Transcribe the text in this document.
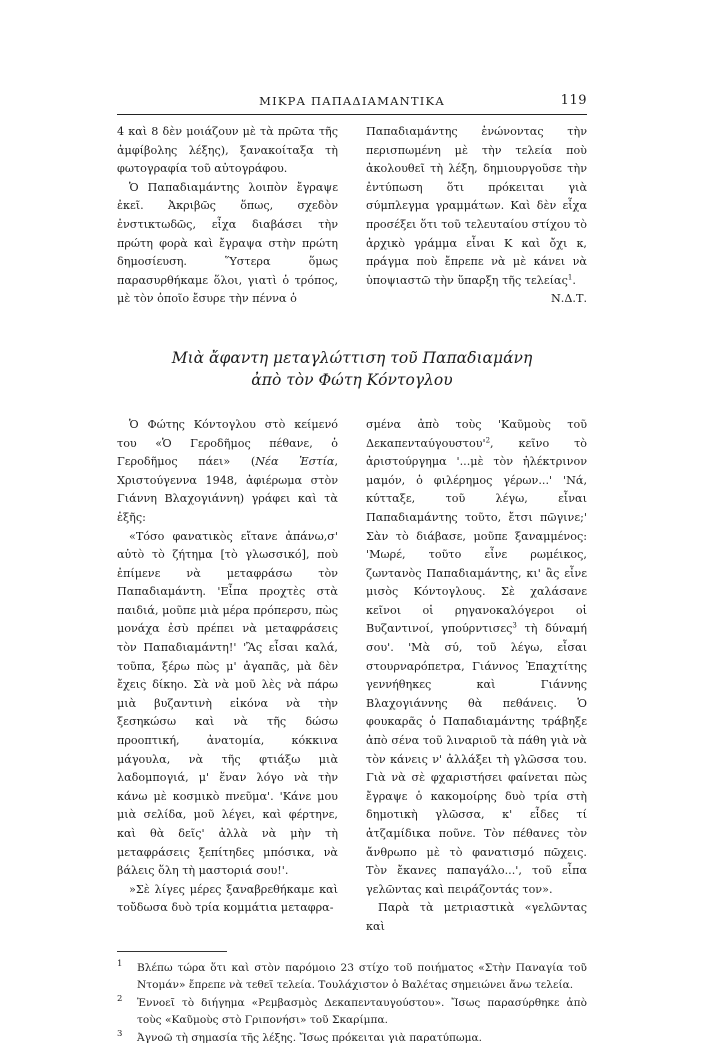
ΜΙΚΡΑ ΠΑΠΑΔΙΑΜΑΝΤΙΚΑ	119

4 καὶ 8 δὲν μοιάζουν μὲ τὰ πρῶτα τῆς ἀμφίβολης λέξης), ξανακοίταξα τὴ φωτογραφία τοῦ αὐτογράφου.

Ὁ Παπαδιαμάντης λοιπὸν ἔγραψε ἐκεῖ. Ἀκριβῶς ὅπως, σχεδὸν ἐνστικτωδῶς, εἶχα διαβάσει τὴν πρώτη φορὰ καὶ ἔγραψα στὴν πρώτη δημοσίευση. Ὕστερα ὅμως παρασυρθήκαμε ὅλοι, γιατὶ ὁ τρόπος, μὲ τὸν ὁποῖο ἔσυρε τὴν πέννα ὁ

Παπαδιαμάντης ἑνώνοντας τὴν περισπωμένη μὲ τὴν τελεία ποὺ ἀκολουθεῖ τὴ λέξη, δημιουργοῦσε τὴν ἐντύπωση ὅτι πρόκειται γιὰ σύμπλεγμα γραμμάτων. Καὶ δὲν εἶχα προσέξει ὅτι τοῦ τελευταίου στίχου τὸ ἀρχικὸ γράμμα εἶναι Κ καὶ ὄχι κ, πράγμα ποὺ ἔπρεπε νὰ μὲ κάνει νὰ ὑποψιαστῶ τὴν ὕπαρξη τῆς τελείας$^1$.

Ν.Δ.Τ.

Μιὰ ἄφαντη μεταγλώττιση τοῦ Παπαδιαμάνη
ἀπὸ τὸν Φώτη Κόντογλου

Ὁ Φώτης Κόντογλου στὸ κείμενό του «Ὁ Γεροδῆμος πέθανε, ὁ Γεροδῆμος πάει» (Νέα Ἑστία, Χριστούγεννα 1948, ἀφιέρωμα στὸν Γιάννη Βλαχογιάννη) γράφει καὶ τὰ ἑξῆς:

«Τόσο φανατικὸς εἴτανε ἀπάνω,σ' αὐτὸ τὸ ζήτημα [τὸ γλωσσικό], ποὺ ἐπίμενε νὰ μεταφράσω τὸν Παπαδιαμάντη. 'Εἶπα προχτὲς στὰ παιδιά, μοῦπε μιὰ μέρα πρόπερσυ, πὼς μονάχα ἐσὺ πρέπει νὰ μεταφράσεις τὸν Παπαδιαμάντη!' 'Ἂς εἶσαι καλά, τοῦπα, ξέρω πὼς μ' ἀγαπᾶς, μὰ δὲν ἔχεις δίκηο. Σὰ νὰ μοῦ λὲς νὰ πάρω μιὰ βυζαντινὴ εἰκόνα νὰ τὴν ξεσηκώσω καὶ νὰ τῆς δώσω προοπτική, ἀνατομία, κόκκινα μάγουλα, νὰ τῆς φτιάξω μιὰ λαδομπογιά, μ' ἕναν λόγο νὰ τὴν κάνω μὲ κοσμικὸ πνεῦμα'. 'Κάνε μου μιὰ σελίδα, μοῦ λέγει, καὶ φέρτηνε, καὶ θὰ δεῖς' ἀλλὰ νὰ μὴν τὴ μεταφράσεις ξεπίτηδες μπόσικα, νὰ βάλεις ὅλη τὴ μαστοριά σου!'.

»Σὲ λίγες μέρες ξαναβρεθήκαμε καὶ τοὔδωσα δυὸ τρία κομμάτια μεταφρα-

σμένα ἀπὸ τοὺς 'Καῦμοὺς τοῦ $\Delta\varepsilon\kappa\alpha\pi\varepsilon\nu\tau\alpha ύ\gamma o\upsilon\sigma\tau o\upsilon'^2$, κεῖνο τὸ ἀριστούργημα '...μὲ τὸν ἠλέκτρινον μαμόν, ὁ φιλέρημος γέρων...' 'Νά, κύτταξε, τοῦ λέγω, εἶναι Παπαδιαμάντης τοῦτο, ἔτσι πῶγινε;' Σὰν τὸ διάβασε, μοῦπε ξαναμμένος: 'Μωρέ, τοῦτο εἶνε ρωμέικος, ζωντανὸς Παπαδιαμάντης, κι' ἂς εἶνε μισὸς Κόντογλους. Σὲ χαλάσανε κεῖνοι οἱ ρηγανοκαλόγεροι οἱ Βυζαντινοί, γπούρντισες$^3$ τὴ δύναμή σου'. 'Μὰ σύ, τοῦ λέγω, εἶσαι στουρναρόπετρα, Γιάννος Ἐπαχτίτης γεννήθηκες καὶ Γιάννης Βλαχογιάννης θὰ πεθάνεις. Ὁ φουκαρᾶς ὁ Παπαδιαμάντης τράβηξε ἀπὸ σένα τοῦ λιναριοῦ τὰ πάθη γιὰ νὰ τὸν κάνεις ν' ἀλλάξει τὴ γλῶσσα του. Γιὰ νὰ σὲ φχαριστήσει φαίνεται πὼς ἔγραψε ὁ κακομοίρης δυὸ τρία στὴ δημοτικὴ γλῶσσα, κ' εἶδες τί ἀτζαμίδικα ποῦνε. Τὸν πέθανες τὸν ἄνθρωπο μὲ τὸ φανατισμό πῶχεις. Τὸν ἔκανες παπαγάλο...', τοῦ εἶπα γελῶντας καὶ πειράζοντάς τον».

Παρὰ τὰ μετριαστικὰ «γελῶντας καὶ

1 Βλέπω τώρα ὅτι καὶ στὸν παρόμοιο 23 στίχο τοῦ ποιήματος «Στὴν Παναγία τοῦ Ντομάν» ἔπρεπε νὰ τεθεῖ τελεία. Τουλάχιστον ὁ Βαλέτας σημειώνει ἄνω τελεία.
2 Ἐννοεῖ τὸ διήγημα «Ρεμβασμὸς Δεκαπενταυγούστου». Ἴσως παρασύρθηκε ἀπὸ τοὺς «Καῦμοὺς στὸ Γριπονήσι» τοῦ Σκαρίμπα.
3 Ἀγνοῶ τὴ σημασία τῆς λέξης. Ἴσως πρόκειται γιὰ παρατύπωμα.
